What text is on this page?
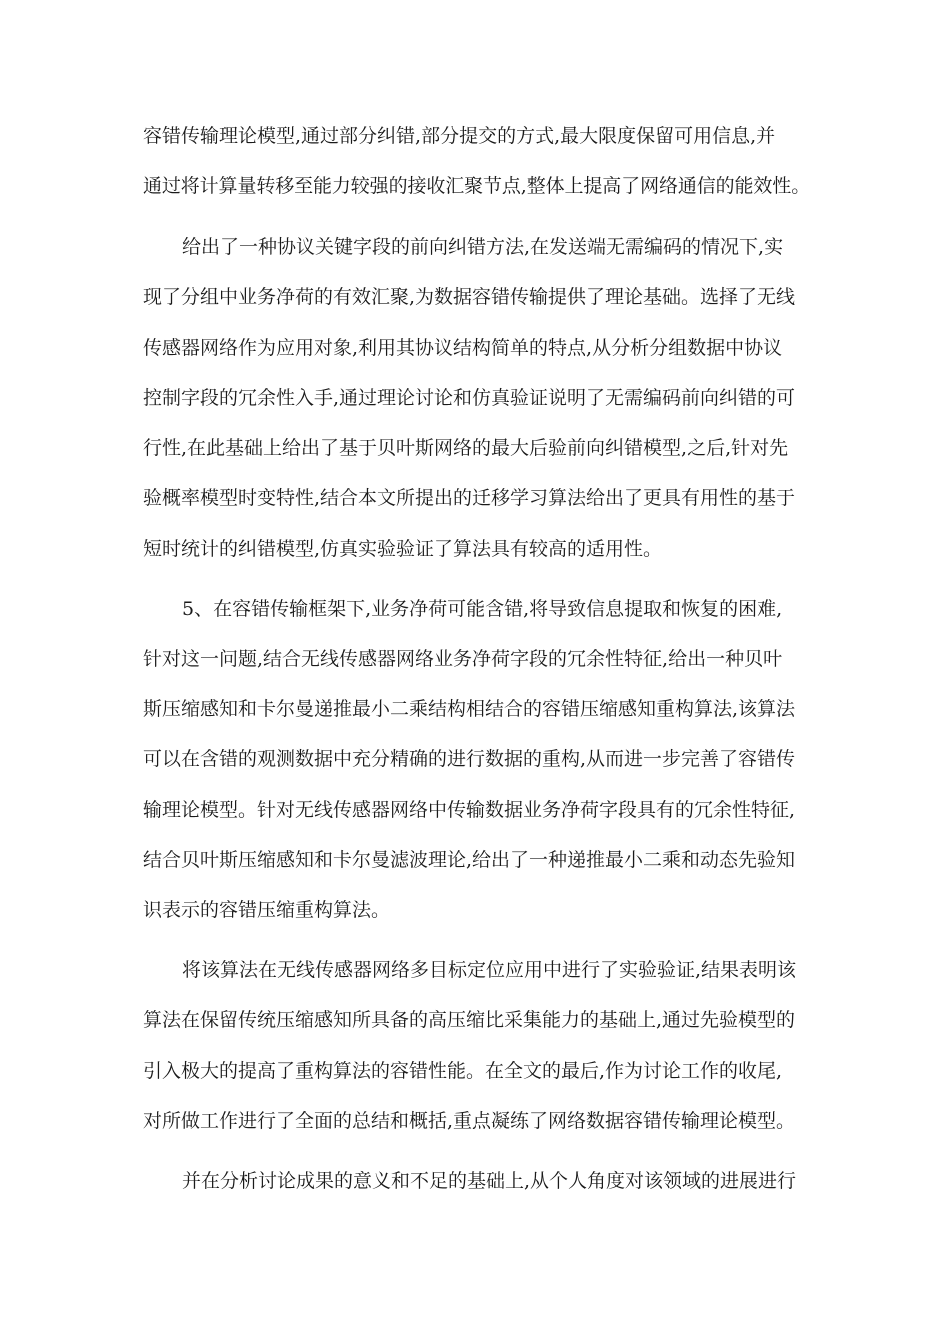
容错传输理论模型,通过部分纠错,部分提交的方式,最大限度保留可用信息,并
通过将计算量转移至能力较强的接收汇聚节点,整体上提高了网络通信的能效性。
给出了一种协议关键字段的前向纠错方法,在发送端无需编码的情况下,实
现了分组中业务净荷的有效汇聚,为数据容错传输提供了理论基础。选择了无线
传感器网络作为应用对象,利用其协议结构简单的特点,从分析分组数据中协议
控制字段的冗余性入手,通过理论讨论和仿真验证说明了无需编码前向纠错的可
行性,在此基础上给出了基于贝叶斯网络的最大后验前向纠错模型,之后,针对先
验概率模型时变特性,结合本文所提出的迁移学习算法给出了更具有用性的基于
短时统计的纠错模型,仿真实验验证了算法具有较高的适用性。
5、在容错传输框架下,业务净荷可能含错,将导致信息提取和恢复的困难,
针对这一问题,结合无线传感器网络业务净荷字段的冗余性特征,给出一种贝叶
斯压缩感知和卡尔曼递推最小二乘结构相结合的容错压缩感知重构算法,该算法
可以在含错的观测数据中充分精确的进行数据的重构,从而进一步完善了容错传
输理论模型。针对无线传感器网络中传输数据业务净荷字段具有的冗余性特征,
结合贝叶斯压缩感知和卡尔曼滤波理论,给出了一种递推最小二乘和动态先验知
识表示的容错压缩重构算法。
将该算法在无线传感器网络多目标定位应用中进行了实验验证,结果表明该
算法在保留传统压缩感知所具备的高压缩比采集能力的基础上,通过先验模型的
引入极大的提高了重构算法的容错性能。在全文的最后,作为讨论工作的收尾,
对所做工作进行了全面的总结和概括,重点凝练了网络数据容错传输理论模型。
并在分析讨论成果的意义和不足的基础上,从个人角度对该领域的进展进行
